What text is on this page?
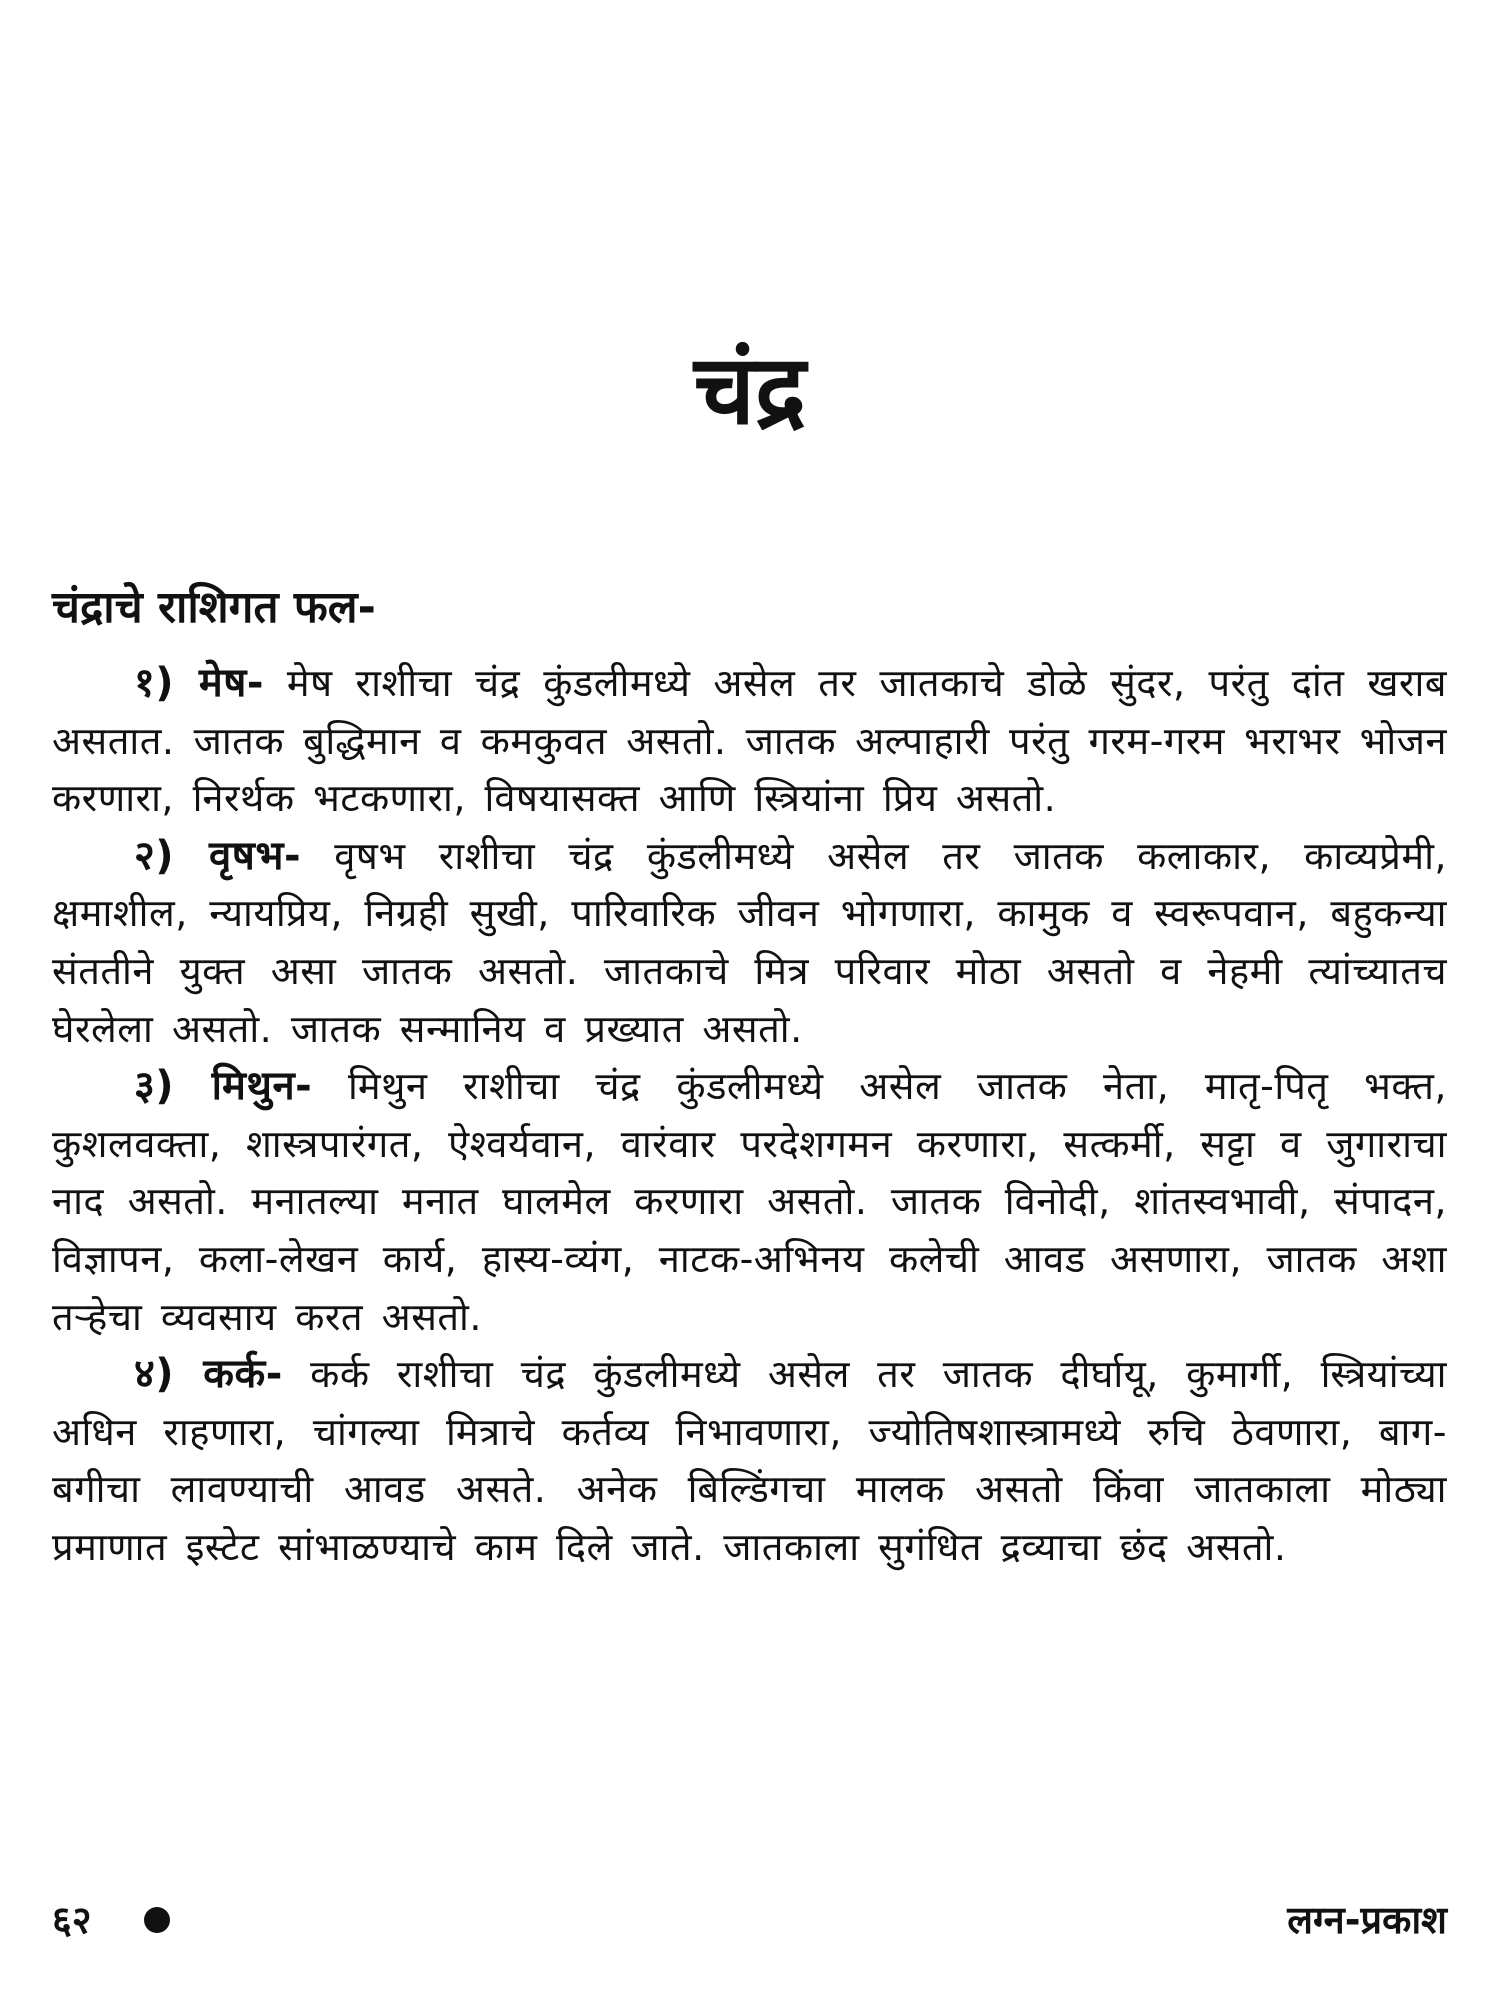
चंद्र
चंद्राचे राशिगत फल-

१) मेष- मेष राशीचा चंद्र कुंडलीमध्ये असेल तर जातकाचे डोळे सुंदर, परंतु दांत खराब असतात. जातक बुद्धिमान व कमकुवत असतो. जातक अल्पाहारी परंतु गरम-गरम भराभर भोजन करणारा, निरर्थक भटकणारा, विषयासक्त आणि स्त्रियांना प्रिय असतो.

२) वृषभ- वृषभ राशीचा चंद्र कुंडलीमध्ये असेल तर जातक कलाकार, काव्यप्रेमी, क्षमाशील, न्यायप्रिय, निग्रही सुखी, पारिवारिक जीवन भोगणारा, कामुक व स्वरूपवान, बहुकन्या संततीने युक्त असा जातक असतो. जातकाचे मित्र परिवार मोठा असतो व नेहमी त्यांच्यातच घेरलेला असतो. जातक सन्मानिय व प्रख्यात असतो.

३) मिथुन- मिथुन राशीचा चंद्र कुंडलीमध्ये असेल जातक नेता, मातृ-पितृ भक्त, कुशलवक्ता, शास्त्रपारंगत, ऐश्वर्यवान, वारंवार परदेशगमन करणारा, सत्कर्मी, सट्टा व जुगाराचा नाद असतो. मनातल्या मनात घालमेल करणारा असतो. जातक विनोदी, शांतस्वभावी, संपादन, विज्ञापन, कला-लेखन कार्य, हास्य-व्यंग, नाटक-अभिनय कलेची आवड असणारा, जातक अशा तऱ्हेचा व्यवसाय करत असतो.

४) कर्क- कर्क राशीचा चंद्र कुंडलीमध्ये असेल तर जातक दीर्घायू, कुमार्गी, स्त्रियांच्या अधिन राहणारा, चांगल्या मित्राचे कर्तव्य निभावणारा, ज्योतिषशास्त्रामध्ये रुचि ठेवणारा, बाग-बगीचा लावण्याची आवड असते. अनेक बिल्डिंगचा मालक असतो किंवा जातकाला मोठ्या प्रमाणात इस्टेट सांभाळण्याचे काम दिले जाते. जातकाला सुगंधित द्रव्याचा छंद असतो.

६२	लग्न-प्रकाश
